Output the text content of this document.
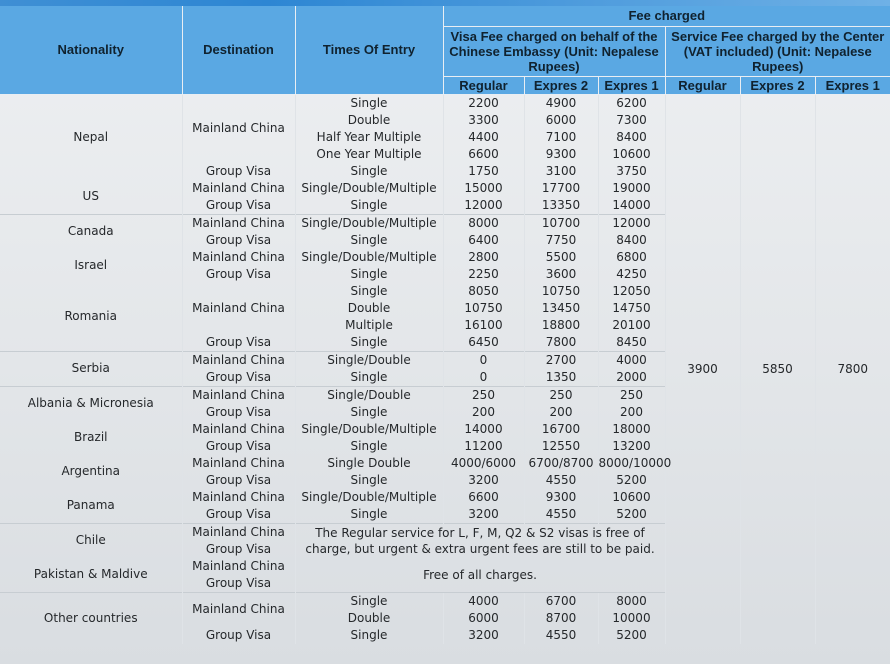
Nationality	Destination	Times Of Entry	Fee charged					
			Visa Fee charged on behalf of the Chinese Embassy (Unit: Nepalese Rupees)			Service Fee charged by the Center (VAT included) (Unit: Nepalese Rupees)		
			Regular	Expres 2	Expres 1	Regular	Expres 2	Expres 1
Nepal	Mainland China	Single	2200	4900	6200	3900	5850	7800
		Double	3300	6000	7300			
		Half Year Multiple	4400	7100	8400			
		One Year Multiple	6600	9300	10600			
	Group Visa	Single	1750	3100	3750			
US	Mainland China	Single/Double/Multiple	15000	17700	19000			
	Group Visa	Single	12000	13350	14000			
Canada	Mainland China	Single/Double/Multiple	8000	10700	12000			
	Group Visa	Single	6400	7750	8400			
Israel	Mainland China	Single/Double/Multiple	2800	5500	6800			
	Group Visa	Single	2250	3600	4250			
Romania	Mainland China	Single	8050	10750	12050			
		Double	10750	13450	14750			
		Multiple	16100	18800	20100			
	Group Visa	Single	6450	7800	8450			
Serbia	Mainland China	Single/Double	0	2700	4000			
	Group Visa	Single	0	1350	2000			
Albania & Micronesia	Mainland China	Single/Double	250	250	250			
	Group Visa	Single	200	200	200			
Brazil	Mainland China	Single/Double/Multiple	14000	16700	18000			
	Group Visa	Single	11200	12550	13200			
Argentina	Mainland China	Single Double	4000/6000	6700/8700	8000/10000			
	Group Visa	Single	3200	4550	5200			
Panama	Mainland China	Single/Double/Multiple	6600	9300	10600			
	Group Visa	Single	3200	4550	5200			
Chile	Mainland China	The Regular service for L, F, M, Q2 & S2 visas is free of charge, but urgent & extra urgent fees are still to be paid.						
	Group Visa							
Pakistan & Maldive	Mainland China	Free of all charges.						
	Group Visa							
Other countries	Mainland China	Single	4000	6700	8000			
		Double	6000	8700	10000			
	Group Visa	Single	3200	4550	5200			
